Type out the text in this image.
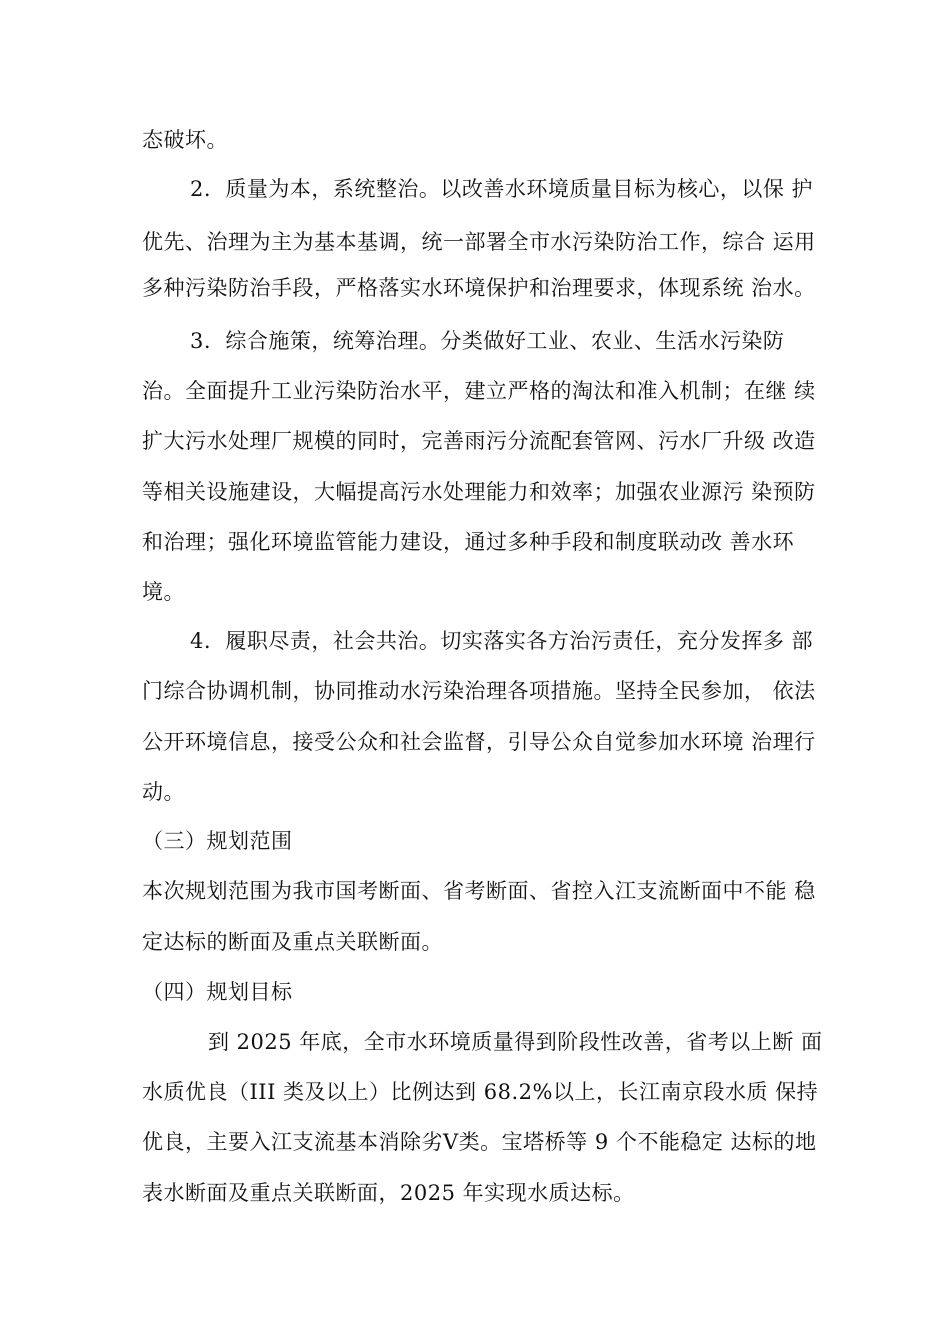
态破坏。
2.  质量为本，系统整治。以改善水环境质量目标为核心，以保 护
优先、治理为主为基本基调，统一部署全市水污染防治工作，综合 运用
多种污染防治手段，严格落实水环境保护和治理要求，体现系统 治水。
3.  综合施策，统筹治理。分类做好工业、农业、生活水污染防
治。全面提升工业污染防治水平，建立严格的淘汰和准入机制；在继 续
扩大污水处理厂规模的同时，完善雨污分流配套管网、污水厂升级 改造
等相关设施建设，大幅提高污水处理能力和效率；加强农业源污 染预防
和治理；强化环境监管能力建设，通过多种手段和制度联动改 善水环
境。
4.  履职尽责，社会共治。切实落实各方治污责任，充分发挥多 部
门综合协调机制，协同推动水污染治理各项措施。坚持全民参加， 依法
公开环境信息，接受公众和社会监督，引导公众自觉参加水环境 治理行
动。
（三）规划范围
本次规划范围为我市国考断面、省考断面、省控入江支流断面中不能 稳
定达标的断面及重点关联断面。
（四）规划目标
到 2025 年底，全市水环境质量得到阶段性改善，省考以上断 面
水质优良（III 类及以上）比例达到 68.2%以上，长江南京段水质 保持
优良，主要入江支流基本消除劣Ⅴ类。宝塔桥等 9 个不能稳定 达标的地
表水断面及重点关联断面，2025 年实现水质达标。
